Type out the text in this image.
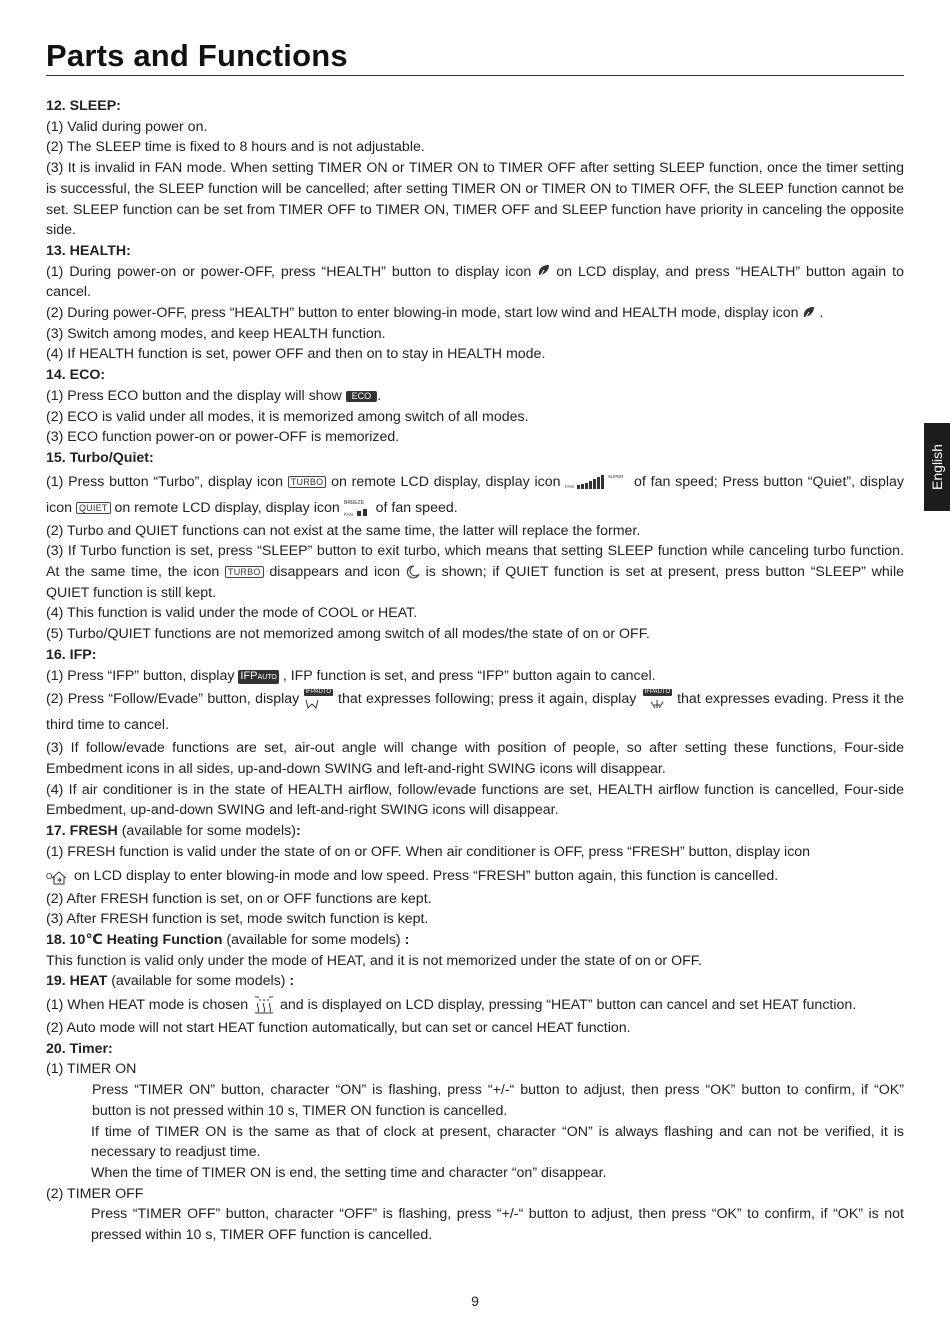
Parts and Functions
English

12. SLEEP:

(1) Valid during power on.

(2) The SLEEP time is fixed to 8 hours and is not adjustable.

(3) It is invalid in FAN mode. When setting TIMER ON or TIMER ON to TIMER OFF after setting SLEEP function, once the timer setting is successful, the SLEEP function will be cancelled; after setting TIMER ON or TIMER ON to TIMER OFF, the SLEEP function cannot be set. SLEEP function can be set from TIMER OFF to TIMER ON, TIMER OFF and SLEEP function have priority in canceling the opposite side.

13. HEALTH:

(1) During power-on or power-OFF, press “HEALTH” button to display icon on LCD display, and press “HEALTH” button again to cancel.

(2) During power-OFF, press “HEALTH” button to enter blowing-in mode, start low wind and HEALTH mode, display icon .

(3) Switch among modes, and keep HEALTH function.

(4) If HEALTH function is set, power OFF and then on to stay in HEALTH mode.

14. ECO:

(1) Press ECO button and the display will show ECO .

(2) ECO is valid under all modes, it is memorized among switch of all modes.

(3) ECO function power-on or power-OFF is memorized.

15. Turbo/Quiet:

(1) Press button “Turbo”, display icon TURBO on remote LCD display, display icon FAN
SUPER of fan speed; Press button “Quiet”, display icon QUIET on remote LCD display, display icon BREEZE
FAN of fan speed.

(2) Turbo and QUIET functions can not exist at the same time, the latter will replace the former.

(3) If Turbo function is set, press “SLEEP” button to exit turbo, which means that setting SLEEP function while canceling turbo function. At the same time, the icon TURBO disappears and icon z is shown; if QUIET function is set at present, press button “SLEEP” while QUIET function is still kept.

(4) This function is valid under the mode of COOL or HEAT.

(5) Turbo/QUIET functions are not memorized among switch of all modes/the state of on or OFF.

16. IFP:

(1) Press “IFP” button, display IFPAUTO , IFP function is set, and press “IFP” button again to cancel.

(2) Press “Follow/Evade” button, display	IFPAUTO that expresses following; press it again, display	IFPAUTO that expresses evading. Press it the third time to cancel.

(3) If follow/evade functions are set, air-out angle will change with position of people, so after setting these functions, Four-side Embedment icons in all sides, up-and-down SWING and left-and-right SWING icons will disappear.

(4) If air conditioner is in the state of HEALTH airflow, follow/evade functions are set, HEALTH airflow function is cancelled, Four-side Embedment, up-and-down SWING and left-and-right SWING icons will disappear.

17. FRESH (available for some models):

(1) FRESH function is valid under the state of on or OFF. When air conditioner is OFF, press “FRESH” button, display icon

O₂ on LCD display to enter blowing-in mode and low speed. Press “FRESH” button again, this function is cancelled.

(2) After FRESH function is set, on or OFF functions are kept.

(3) After FRESH function is set, mode switch function is kept.

18. 10℃ Heating Function (available for some models) :

This function is valid only under the mode of HEAT, and it is not memorized under the state of on or OFF.

19. HEAT (available for some models) :

(1) When HEAT mode is chosen and is displayed on LCD display, pressing “HEAT” button can cancel and set HEAT function.

(2) Auto mode will not start HEAT function automatically, but can set or cancel HEAT function.

20. Timer:

(1) TIMER ON

Press “TIMER ON” button, character “ON” is flashing, press “+/-“ button to adjust, then press “OK” button to confirm, if “OK” button is not pressed within 10 s, TIMER ON function is cancelled.

If time of TIMER ON is the same as that of clock at present, character “ON” is always flashing and can not be verified, it is necessary to readjust time.

When the time of TIMER ON is end, the setting time and character “on” disappear.

(2) TIMER OFF

Press “TIMER OFF” button, character “OFF” is flashing, press “+/-“ button to adjust, then press “OK” to confirm, if “OK” is not pressed within 10 s, TIMER OFF function is cancelled.

9
